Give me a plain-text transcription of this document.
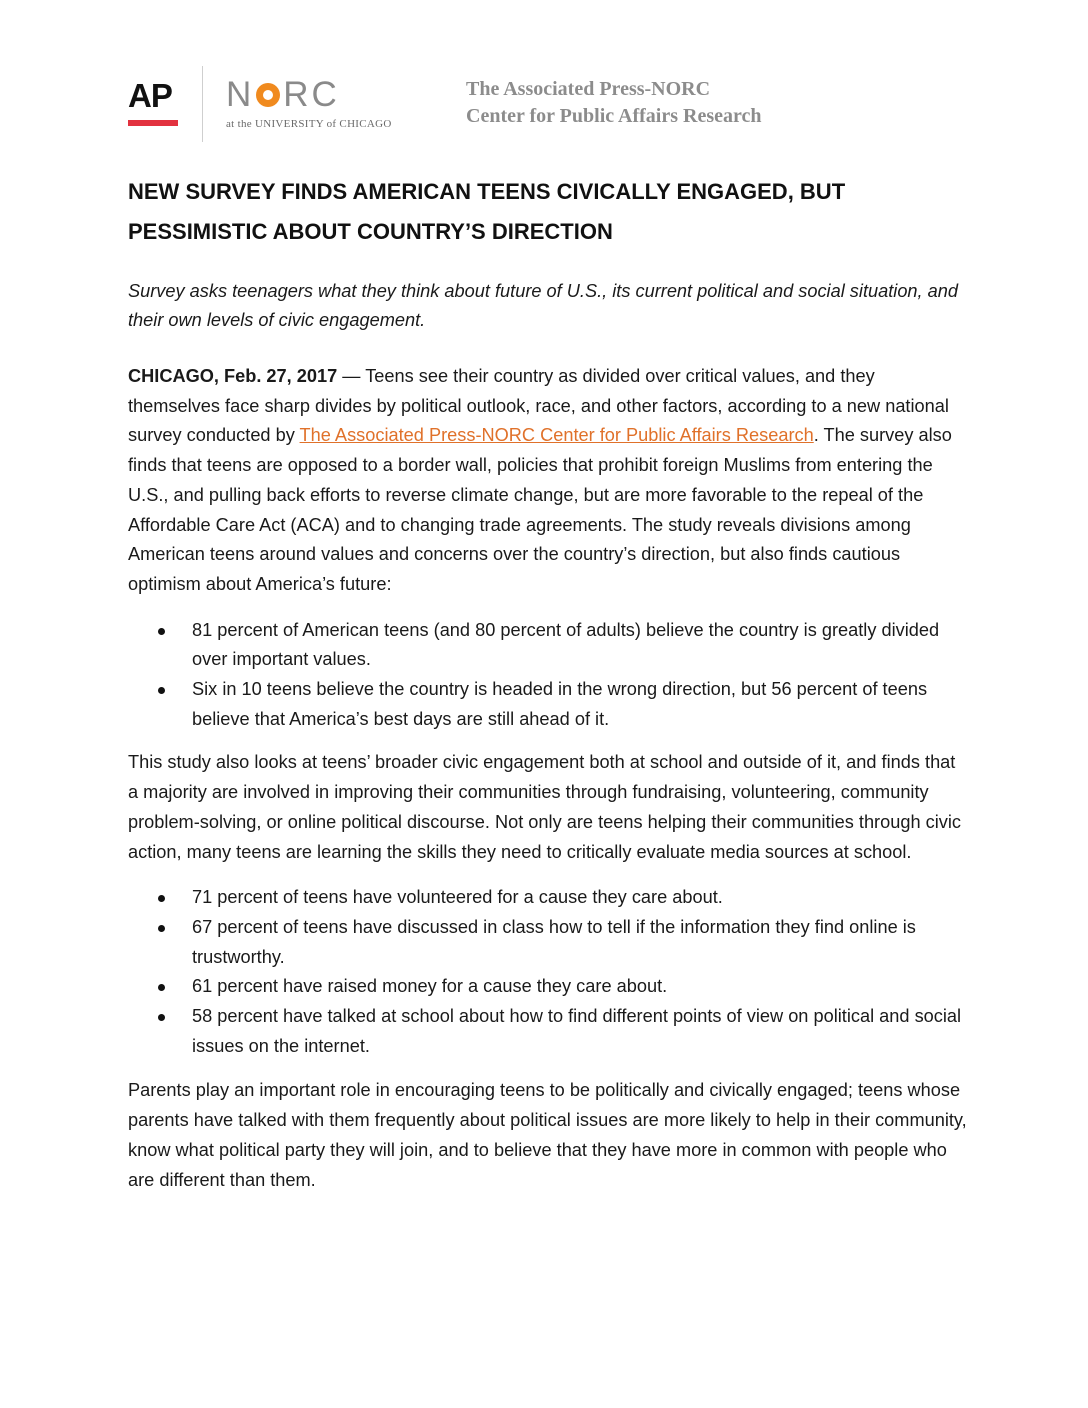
AP N RC
at the UNIVERSITY of CHICAGO
The Associated Press-NORC
Center for Public Affairs Research
NEW SURVEY FINDS AMERICAN TEENS CIVICALLY ENGAGED, BUT PESSIMISTIC ABOUT COUNTRY’S DIRECTION
Survey asks teenagers what they think about future of U.S., its current political and social situation, and their own levels of civic engagement.

CHICAGO, Feb. 27, 2017 — Teens see their country as divided over critical values, and they themselves face sharp divides by political outlook, race, and other factors, according to a new national survey conducted by The Associated Press-NORC Center for Public Affairs Research. The survey also finds that teens are opposed to a border wall, policies that prohibit foreign Muslims from entering the U.S., and pulling back efforts to reverse climate change, but are more favorable to the repeal of the Affordable Care Act (ACA) and to changing trade agreements. The study reveals divisions among American teens around values and concerns over the country’s direction, but also finds cautious optimism about America’s future:

81 percent of American teens (and 80 percent of adults) believe the country is greatly divided over important values.
Six in 10 teens believe the country is headed in the wrong direction, but 56 percent of teens believe that America’s best days are still ahead of it.

This study also looks at teens’ broader civic engagement both at school and outside of it, and finds that a majority are involved in improving their communities through fundraising, volunteering, community problem-solving, or online political discourse. Not only are teens helping their communities through civic action, many teens are learning the skills they need to critically evaluate media sources at school.

71 percent of teens have volunteered for a cause they care about.
67 percent of teens have discussed in class how to tell if the information they find online is trustworthy.
61 percent have raised money for a cause they care about.
58 percent have talked at school about how to find different points of view on political and social issues on the internet.

Parents play an important role in encouraging teens to be politically and civically engaged; teens whose parents have talked with them frequently about political issues are more likely to help in their community, know what political party they will join, and to believe that they have more in common with people who are different than them.
